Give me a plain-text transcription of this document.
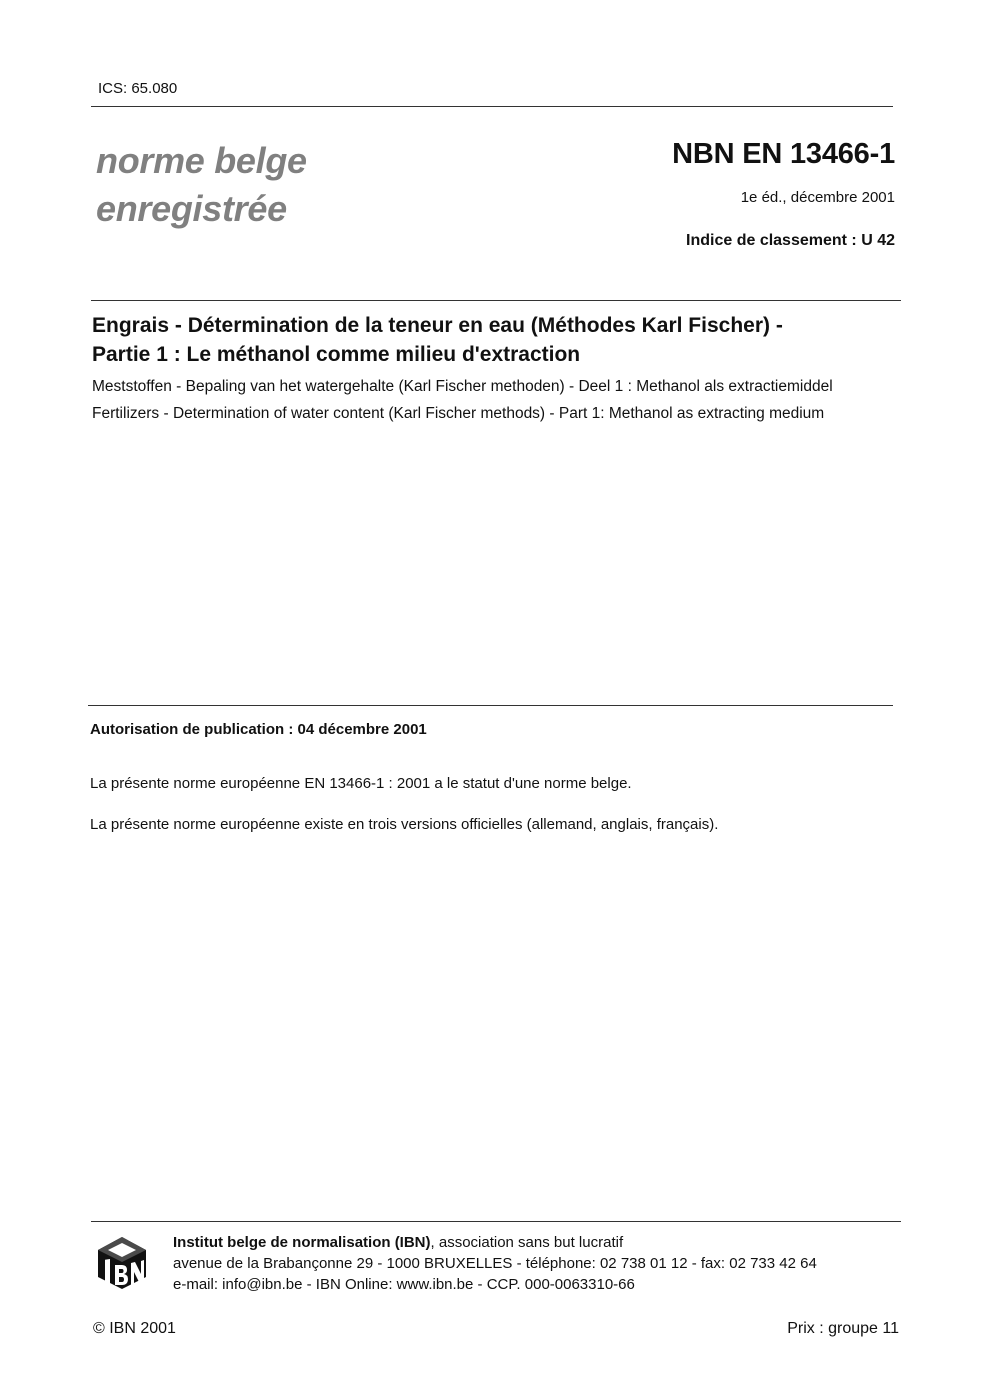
ICS: 65.080
norme belge
enregistrée
NBN EN 13466-1
1e éd., décembre 2001
Indice de classement : U 42
Engrais - Détermination de la teneur en eau (Méthodes Karl Fischer) -
Partie 1 : Le méthanol comme milieu d'extraction
Meststoffen - Bepaling van het watergehalte (Karl Fischer methoden) - Deel 1 : Methanol als extractiemiddel
Fertilizers - Determination of water content (Karl Fischer methods) - Part 1: Methanol as extracting medium
Autorisation de publication : 04 décembre 2001
La présente norme européenne EN 13466-1 : 2001 a le statut d'une norme belge.
La présente norme européenne existe en trois versions officielles (allemand, anglais, français).
Institut belge de normalisation (IBN), association sans but lucratif
avenue de la Brabançonne 29 - 1000 BRUXELLES - téléphone: 02 738 01 12 - fax: 02 733 42 64
e-mail: info@ibn.be - IBN Online: www.ibn.be - CCP. 000-0063310-66
© IBN 2001	Prix : groupe 11
